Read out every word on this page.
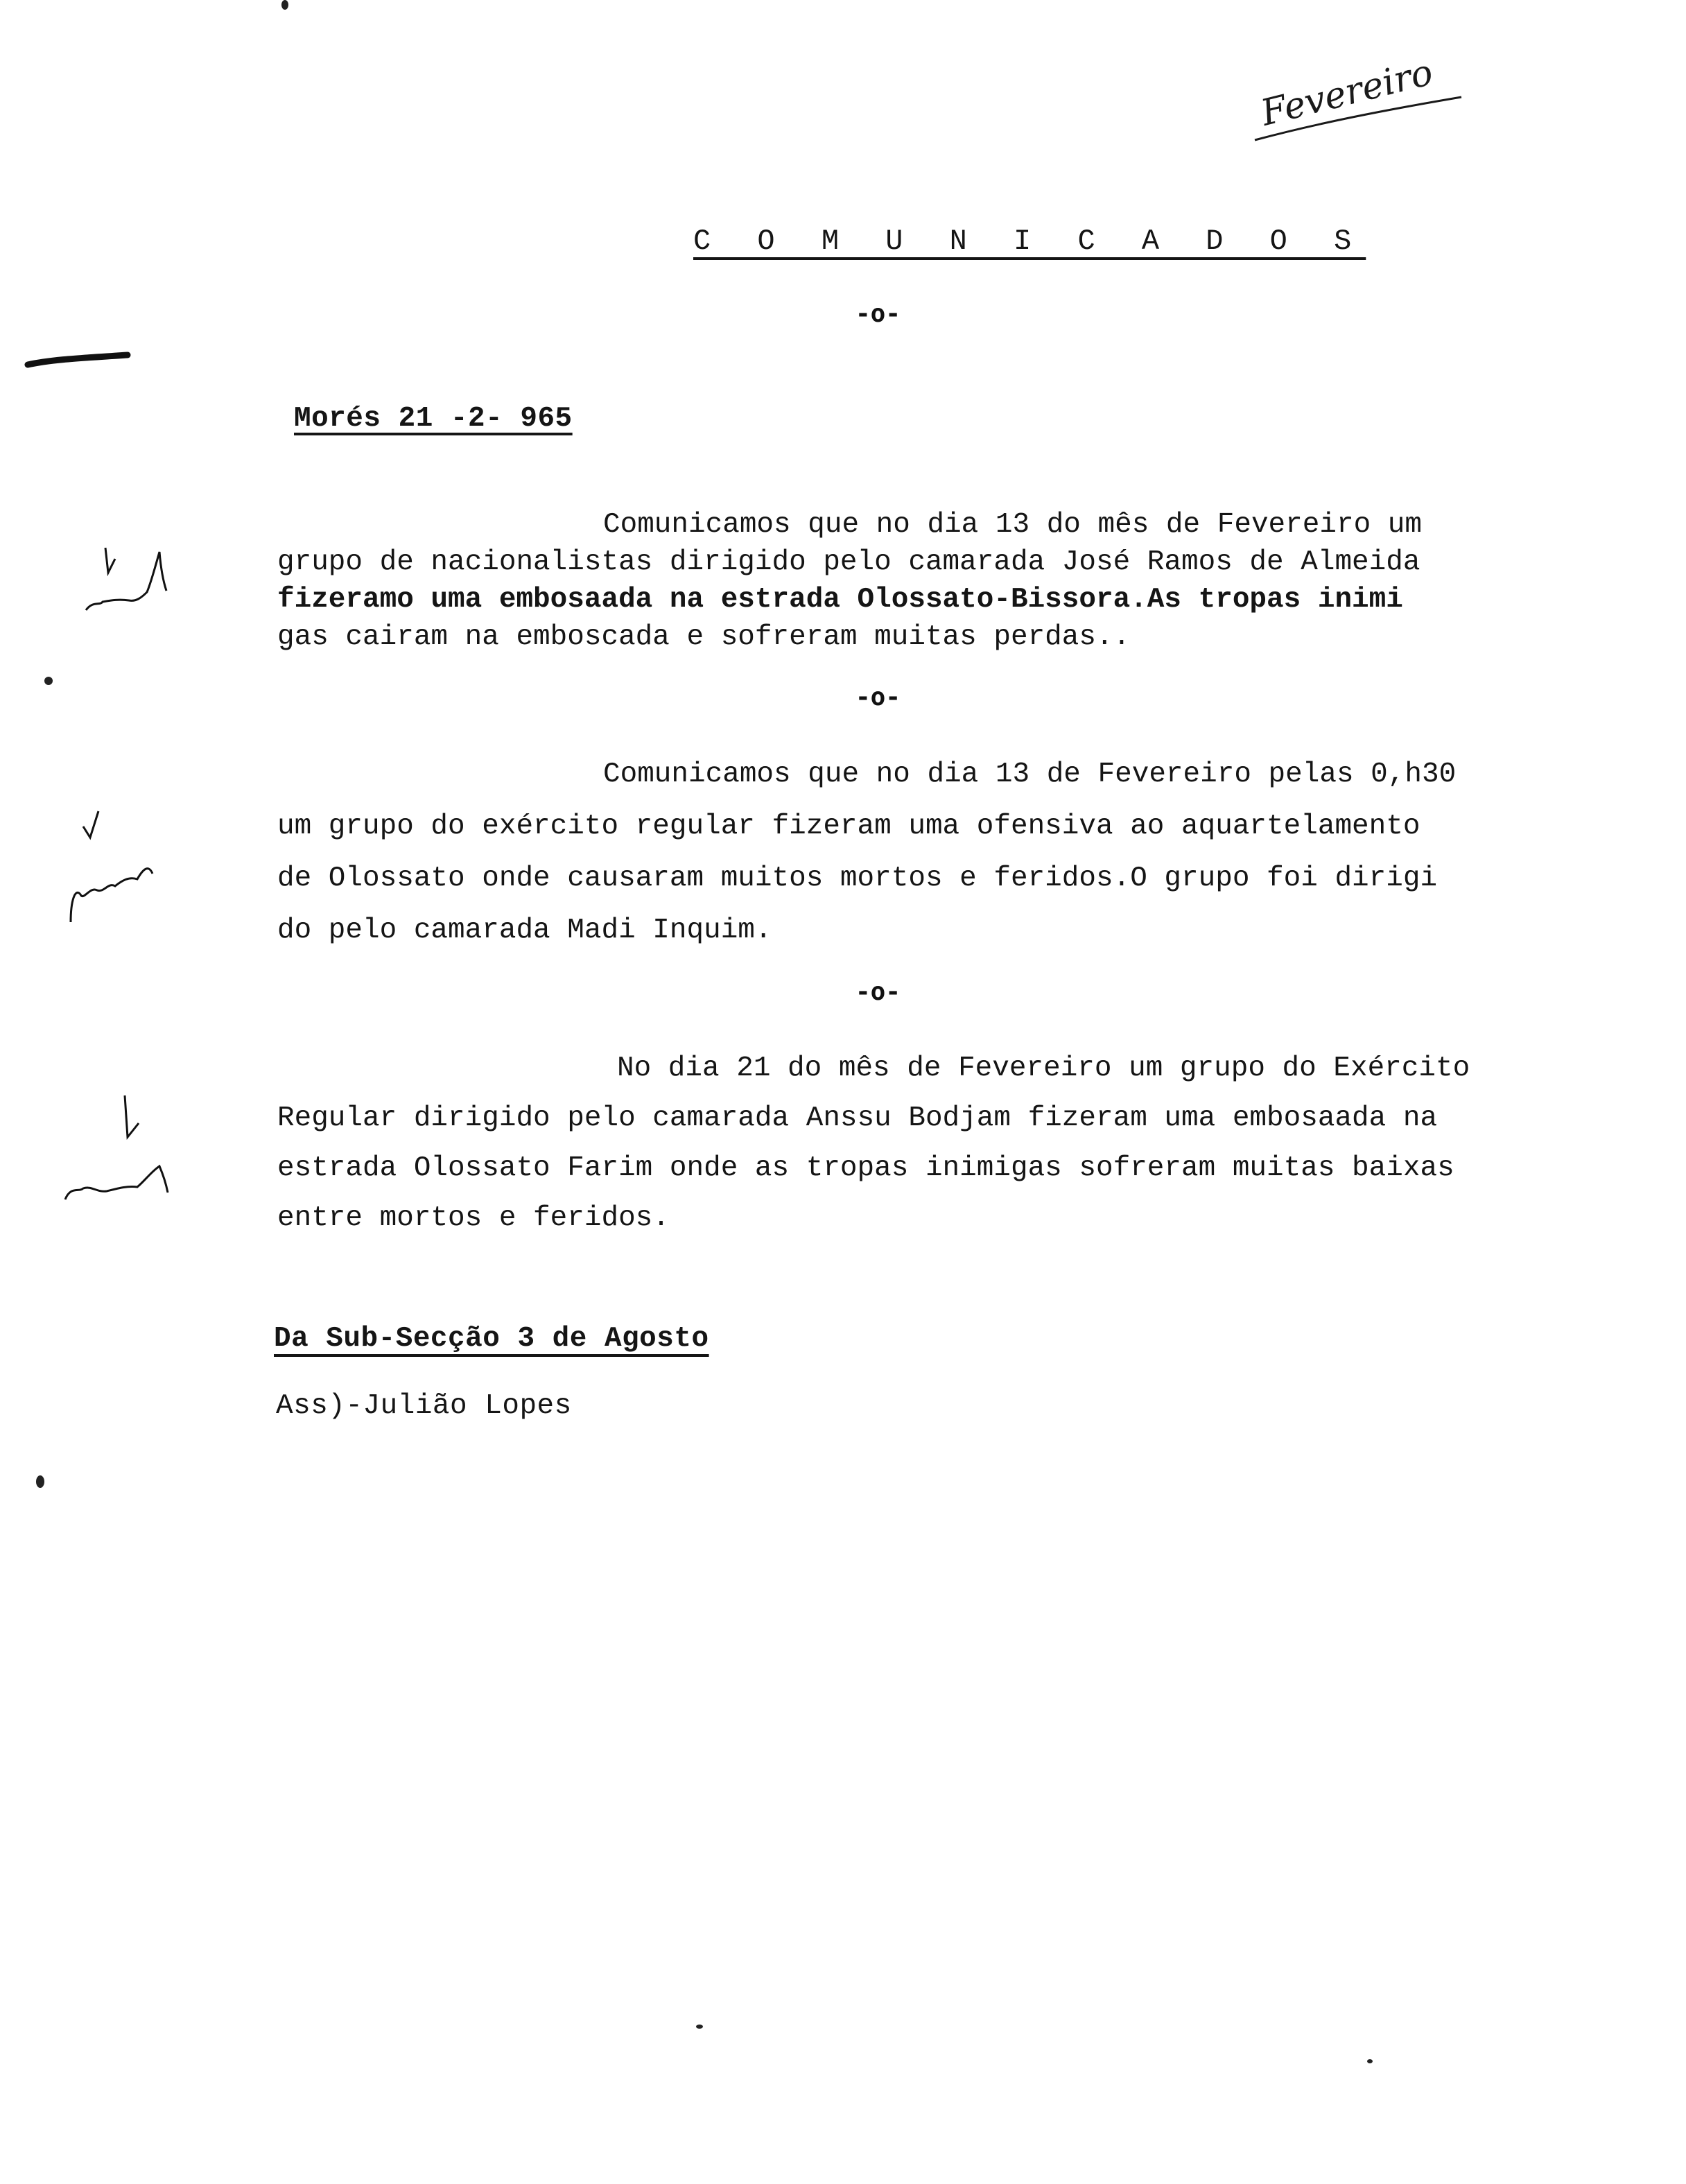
Fevereiro
C O M U N I C A D O S
-o-
Morés 21 -2- 965
Comunicamos que no dia 13 do mês de Fevereiro um
grupo de nacionalistas dirigido pelo camarada José Ramos de Almeida
fizeramo uma embosaada na estrada Olossato-Bissora.As tropas inimi
gas cairam na emboscada e sofreram muitas perdas..
-o-
Comunicamos que no dia 13 de Fevereiro pelas 0,h30
um grupo do exército regular fizeram uma ofensiva ao aquartelamento
de Olossato onde causaram muitos mortos e feridos.O grupo foi dirigi
do pelo camarada Madi Inquim.
-o-
No dia 21 do mês de Fevereiro um grupo do Exército
Regular dirigido pelo camarada Anssu Bodjam fizeram uma embosaada na
estrada Olossato Farim onde as tropas inimigas sofreram muitas baixas
entre mortos e feridos.
Da Sub-Secção 3 de Agosto
Ass)-Julião Lopes
